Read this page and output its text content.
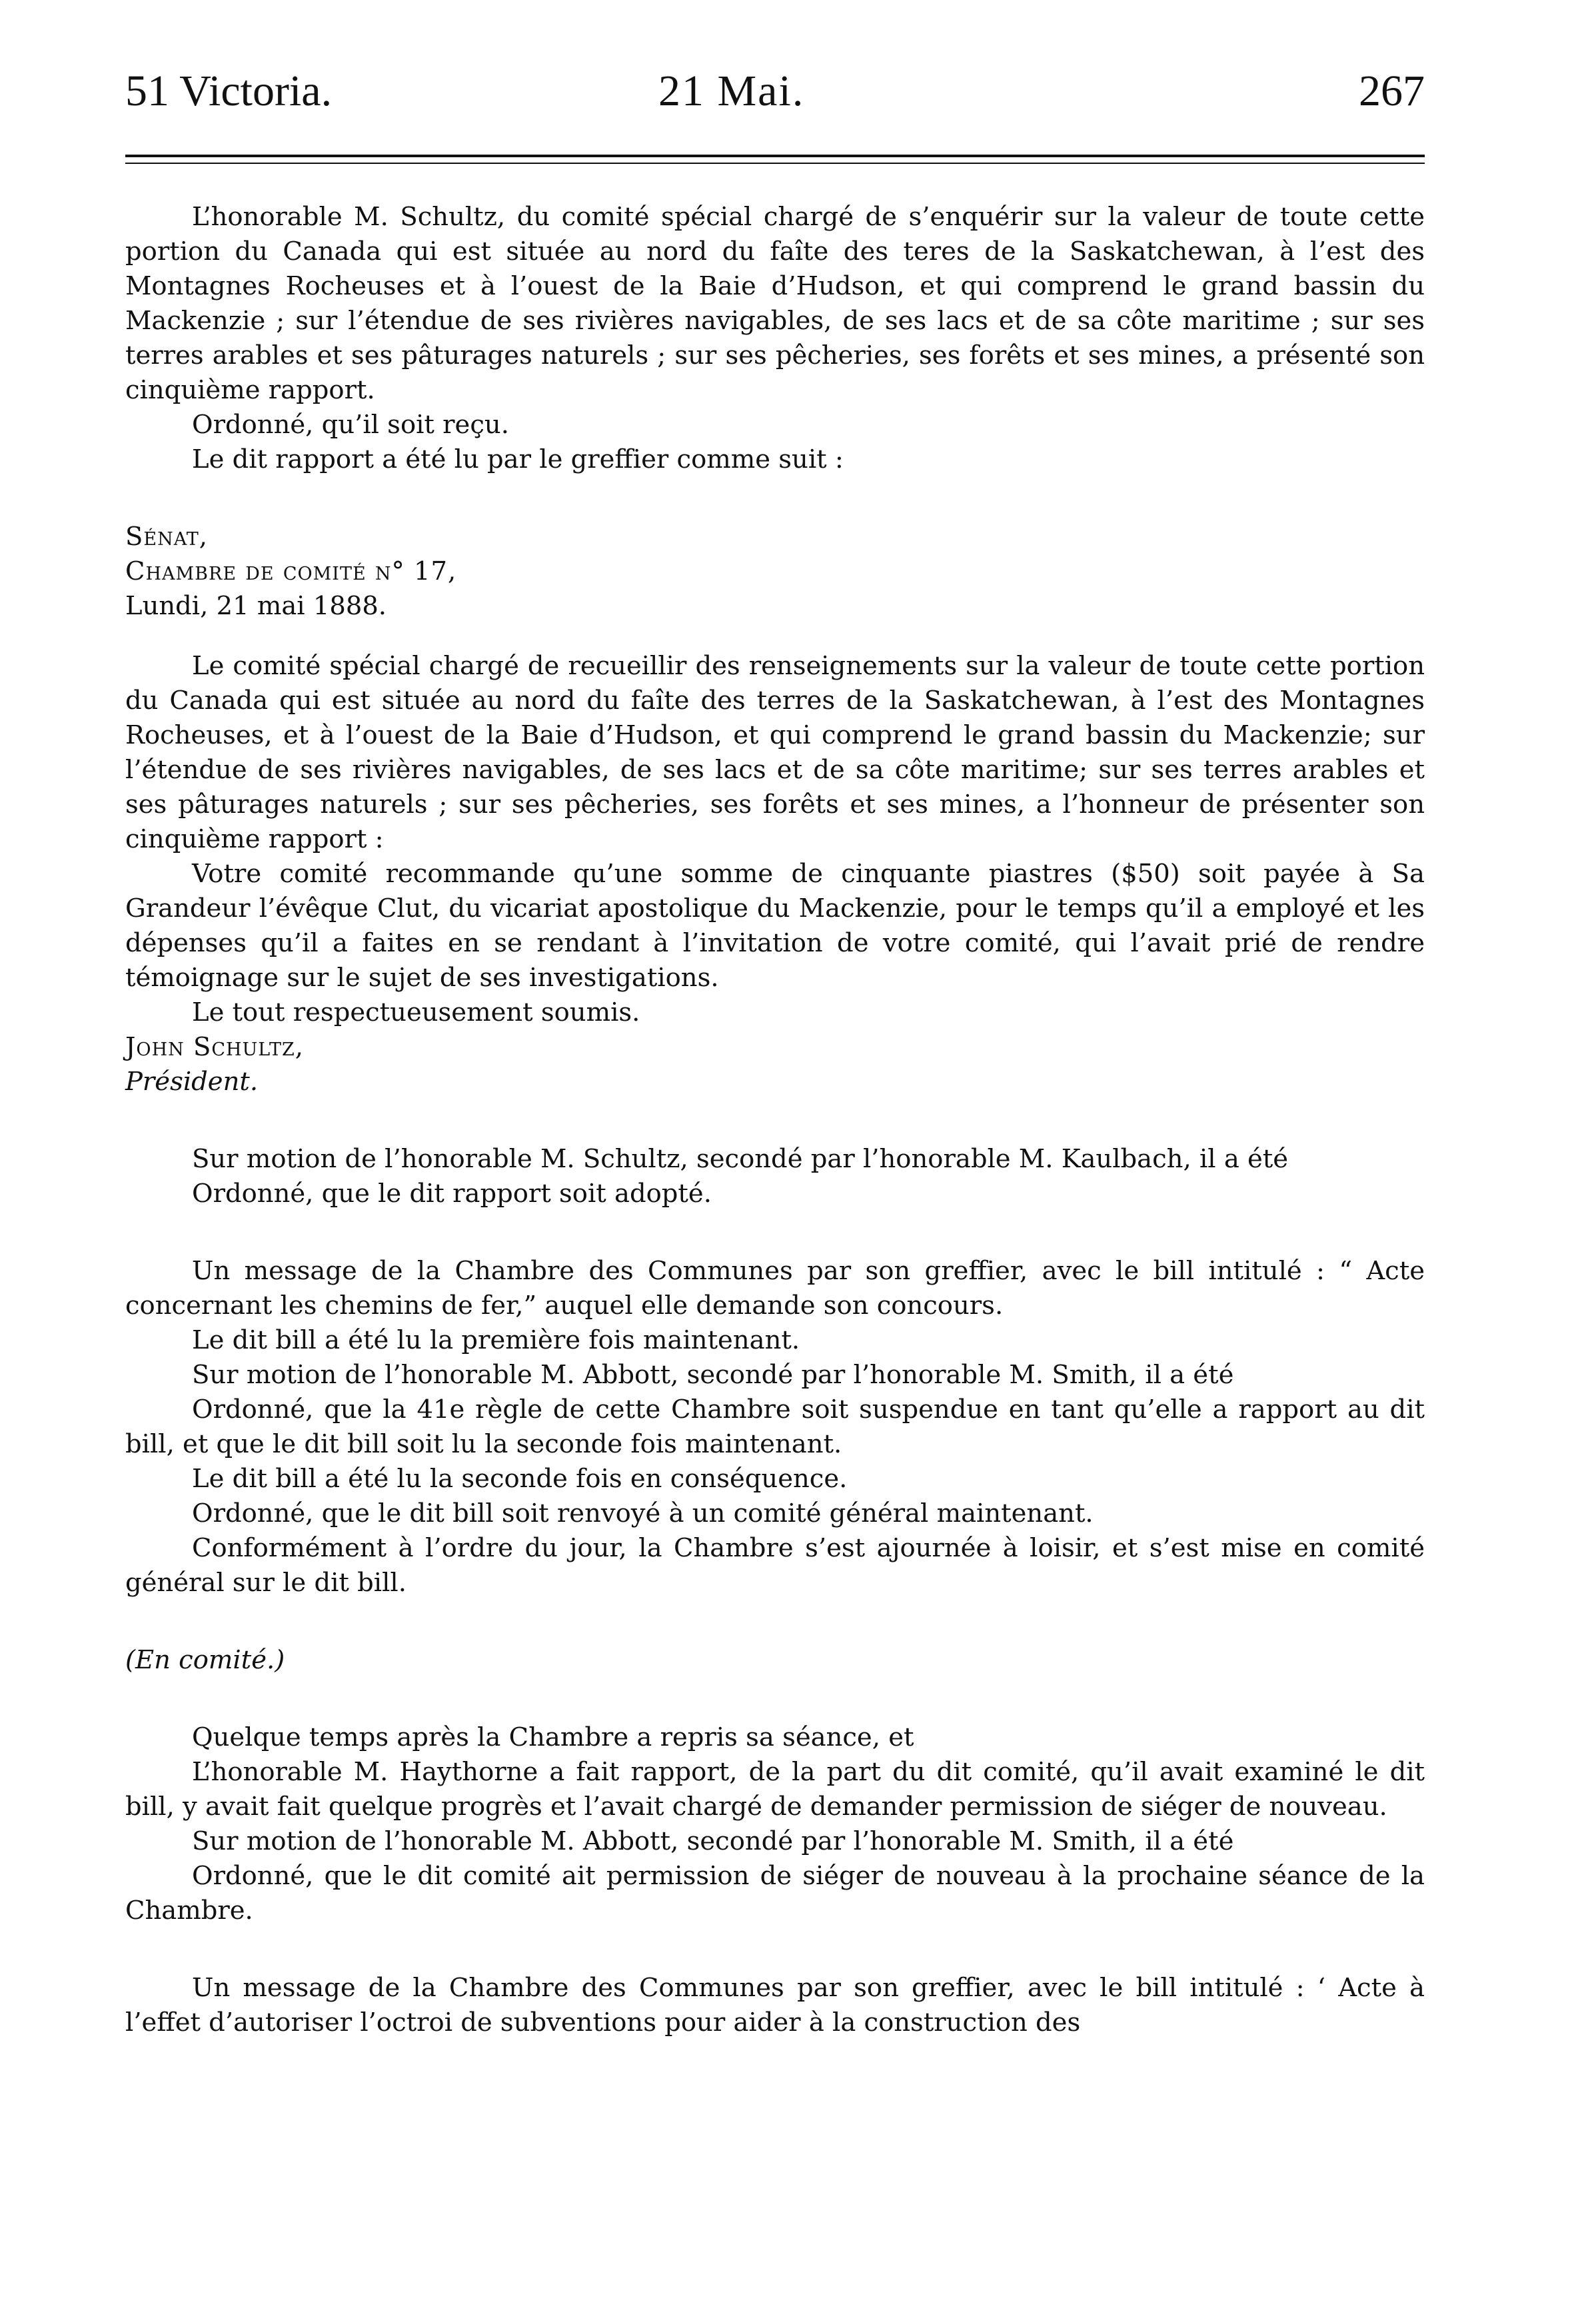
51 Victoria.	21 Mai.	267

L’honorable M. Schultz, du comité spécial chargé de s’enquérir sur la valeur de toute cette portion du Canada qui est située au nord du faîte des teres de la Saskatchewan, à l’est des Montagnes Rocheuses et à l’ouest de la Baie d’Hudson, et qui comprend le grand bassin du Mackenzie ; sur l’étendue de ses rivières navigables, de ses lacs et de sa côte maritime ; sur ses terres arables et ses pâturages naturels ; sur ses pêcheries, ses forêts et ses mines, a présenté son cinquième rapport.

Ordonné, qu’il soit reçu.

Le dit rapport a été lu par le greffier comme suit :

Sénat,

Chambre de comité n° 17,

Lundi, 21 mai 1888.

Le comité spécial chargé de recueillir des renseignements sur la valeur de toute cette portion du Canada qui est située au nord du faîte des terres de la Saskatchewan, à l’est des Montagnes Rocheuses, et à l’ouest de la Baie d’Hudson, et qui comprend le grand bassin du Mackenzie; sur l’étendue de ses rivières navigables, de ses lacs et de sa côte maritime; sur ses terres arables et ses pâturages naturels ; sur ses pêcheries, ses forêts et ses mines, a l’honneur de présenter son cinquième rapport :

Votre comité recommande qu’une somme de cinquante piastres ($50) soit payée à Sa Grandeur l’évêque Clut, du vicariat apostolique du Mackenzie, pour le temps qu’il a employé et les dépenses qu’il a faites en se rendant à l’invitation de votre comité, qui l’avait prié de rendre témoignage sur le sujet de ses investigations.

Le tout respectueusement soumis.

John Schultz,

Président.

Sur motion de l’honorable M. Schultz, secondé par l’honorable M. Kaulbach, il a été

Ordonné, que le dit rapport soit adopté.

Un message de la Chambre des Communes par son greffier, avec le bill intitulé : “ Acte concernant les chemins de fer,” auquel elle demande son concours.

Le dit bill a été lu la première fois maintenant.

Sur motion de l’honorable M. Abbott, secondé par l’honorable M. Smith, il a été

Ordonné, que la 41e règle de cette Chambre soit suspendue en tant qu’elle a rapport au dit bill, et que le dit bill soit lu la seconde fois maintenant.

Le dit bill a été lu la seconde fois en conséquence.

Ordonné, que le dit bill soit renvoyé à un comité général maintenant.

Conformément à l’ordre du jour, la Chambre s’est ajournée à loisir, et s’est mise en comité général sur le dit bill.

(En comité.)

Quelque temps après la Chambre a repris sa séance, et

L’honorable M. Haythorne a fait rapport, de la part du dit comité, qu’il avait examiné le dit bill, y avait fait quelque progrès et l’avait chargé de demander permission de siéger de nouveau.

Sur motion de l’honorable M. Abbott, secondé par l’honorable M. Smith, il a été

Ordonné, que le dit comité ait permission de siéger de nouveau à la prochaine séance de la Chambre.

Un message de la Chambre des Communes par son greffier, avec le bill intitulé : ‘ Acte à l’effet d’autoriser l’octroi de subventions pour aider à la construction des
